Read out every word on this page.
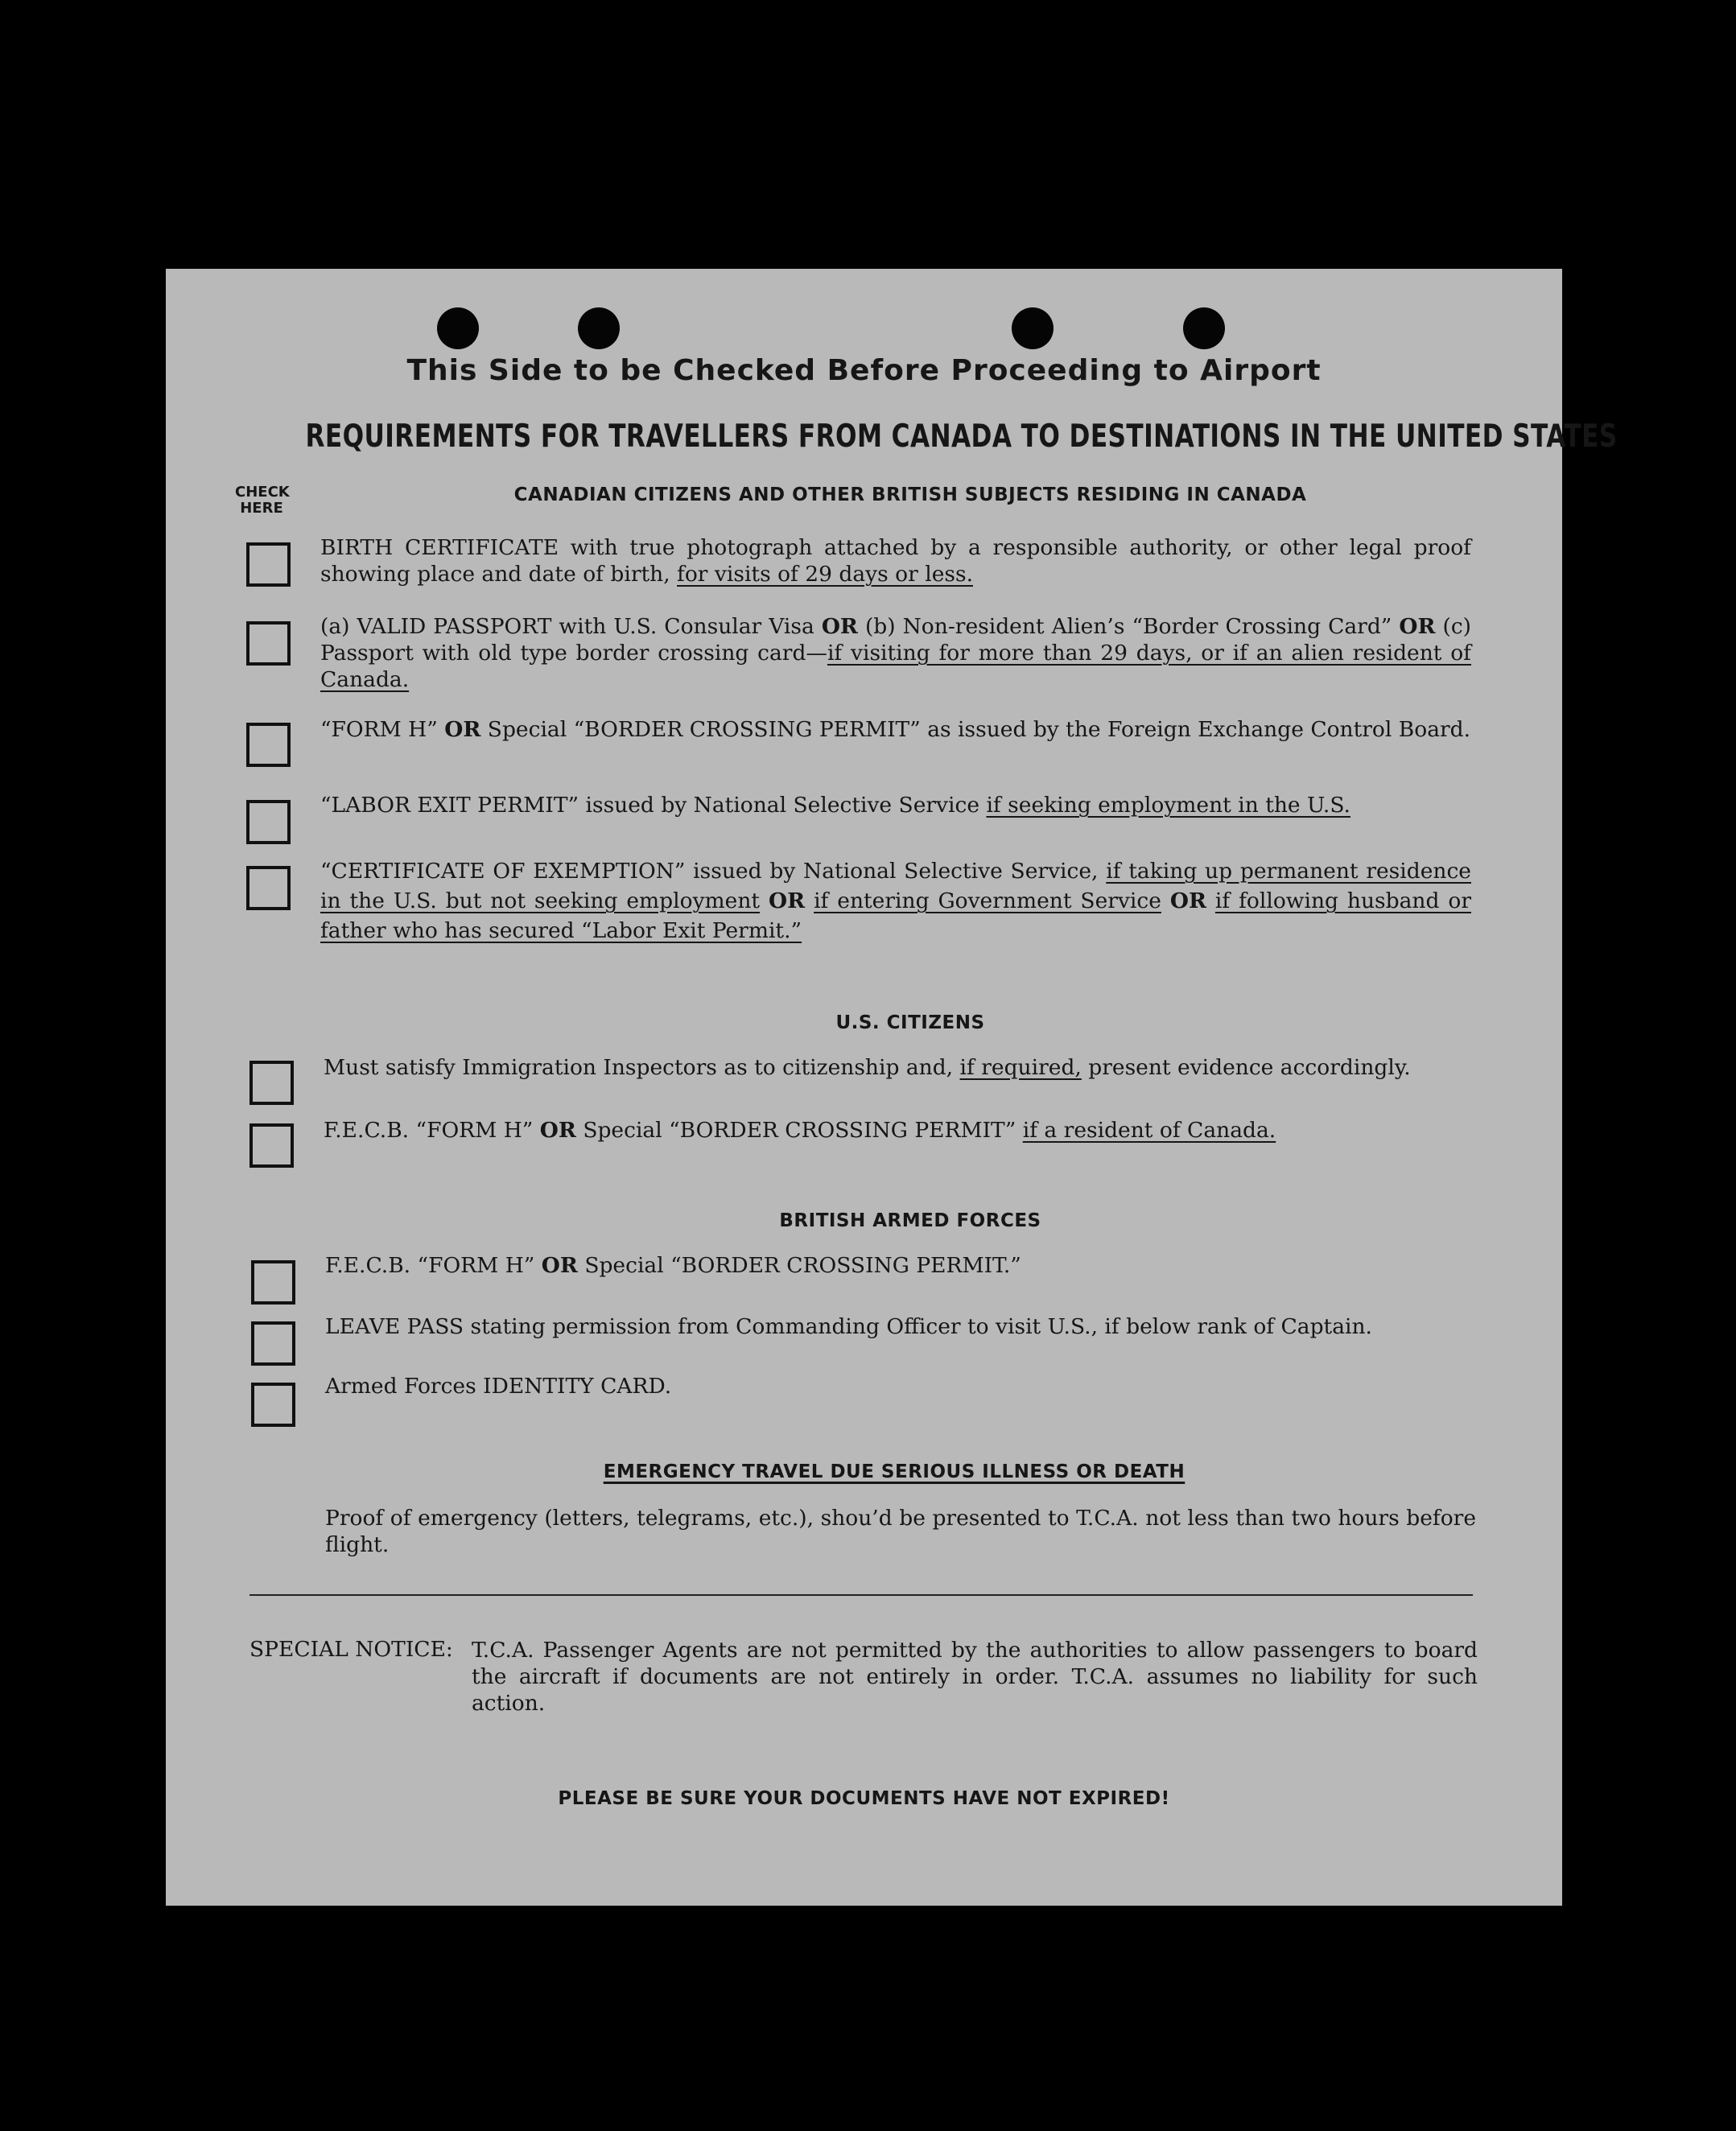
This Side to be Checked Before Proceeding to Airport
REQUIREMENTS FOR TRAVELLERS FROM CANADA TO DESTINATIONS IN THE UNITED STATES
CHECK HERE
CANADIAN CITIZENS AND OTHER BRITISH SUBJECTS RESIDING IN CANADA
BIRTH CERTIFICATE with true photograph attached by a responsible authority, or other legal proof showing place and date of birth, for visits of 29 days or less.
(a) VALID PASSPORT with U.S. Consular Visa OR (b) Non-resident Alien’s “Border Crossing Card” OR (c) Passport with old type border crossing card—if visiting for more than 29 days, or if an alien resident of Canada.
“FORM H” OR Special “BORDER CROSSING PERMIT” as issued by the Foreign Exchange Control Board.
“LABOR EXIT PERMIT” issued by National Selective Service if seeking employment in the U.S.
“CERTIFICATE OF EXEMPTION” issued by National Selective Service, if taking up permanent residence in the U.S. but not seeking employment OR if entering Government Service OR if following husband or father who has secured “Labor Exit Permit.”
U.S. CITIZENS
Must satisfy Immigration Inspectors as to citizenship and, if required, present evidence accordingly.
F.E.C.B. “FORM H” OR Special “BORDER CROSSING PERMIT” if a resident of Canada.
BRITISH ARMED FORCES
F.E.C.B. “FORM H” OR Special “BORDER CROSSING PERMIT.”
LEAVE PASS stating permission from Commanding Officer to visit U.S., if below rank of Captain.
Armed Forces IDENTITY CARD.
EMERGENCY TRAVEL DUE SERIOUS ILLNESS OR DEATH
Proof of emergency (letters, telegrams, etc.), shou’d be presented to T.C.A. not less than two hours before flight.
SPECIAL NOTICE: T.C.A. Passenger Agents are not permitted by the authorities to allow passengers to board the aircraft if documents are not entirely in order. T.C.A. assumes no liability for such action.
PLEASE BE SURE YOUR DOCUMENTS HAVE NOT EXPIRED!
